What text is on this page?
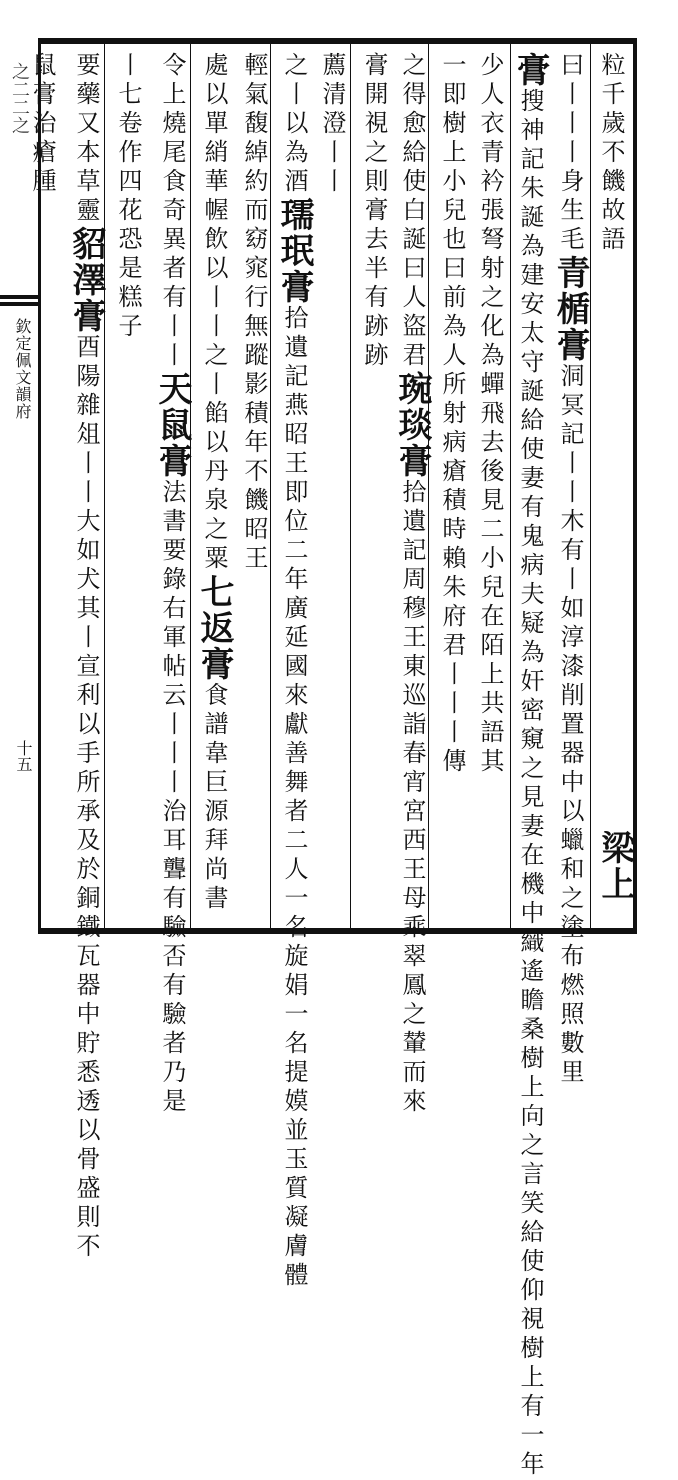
之二二之
欽定佩文韻府
十五
粒千歲不饑故語
曰丨丨丨身生毛青楯膏洞冥記丨丨木有丨如淳漆削置器中以蠟和之塗布燃照數里 梁上
膏搜神記朱誕為建安太守誕給使妻有鬼病夫疑為奸密窺之見妻在機中織遙瞻桑樹上向之言笑給使仰視樹上有一年
少人衣青衿張弩射之化為蟬飛去後見二小兒在陌上共語其
一即樹上小兒也曰前為人所射病瘡積時賴朱府君丨丨丨傳
之得愈給使白誕曰人盜君琬琰膏拾遺記周穆王東巡詣春宵宮西王母乘翠鳳之輦而來
膏開視之則膏去半有跡跡
薦清澄丨丨
之丨以為酒瓀珉膏拾遺記燕昭王即位二年廣延國來獻善舞者二人一名旋娟一名提嫫並玉質凝膚體
輕氣馥綽約而窈窕行無蹤影積年不饑昭王
處以單綃華幄飲以丨丨之丨餡以丹泉之粟七返膏食譜韋巨源拜尚書
令上燒尾食奇異者有丨丨天鼠膏法書要錄右軍帖云丨丨丨治耳聾有驗否有驗者乃是
丨七卷作四花恐是糕子
要藥又本草靈貂澤膏酉陽雜俎丨丨大如犬其丨宣利以手所承及於銅鐵瓦器中貯悉透以骨盛則不
鼠膏治瘡腫
